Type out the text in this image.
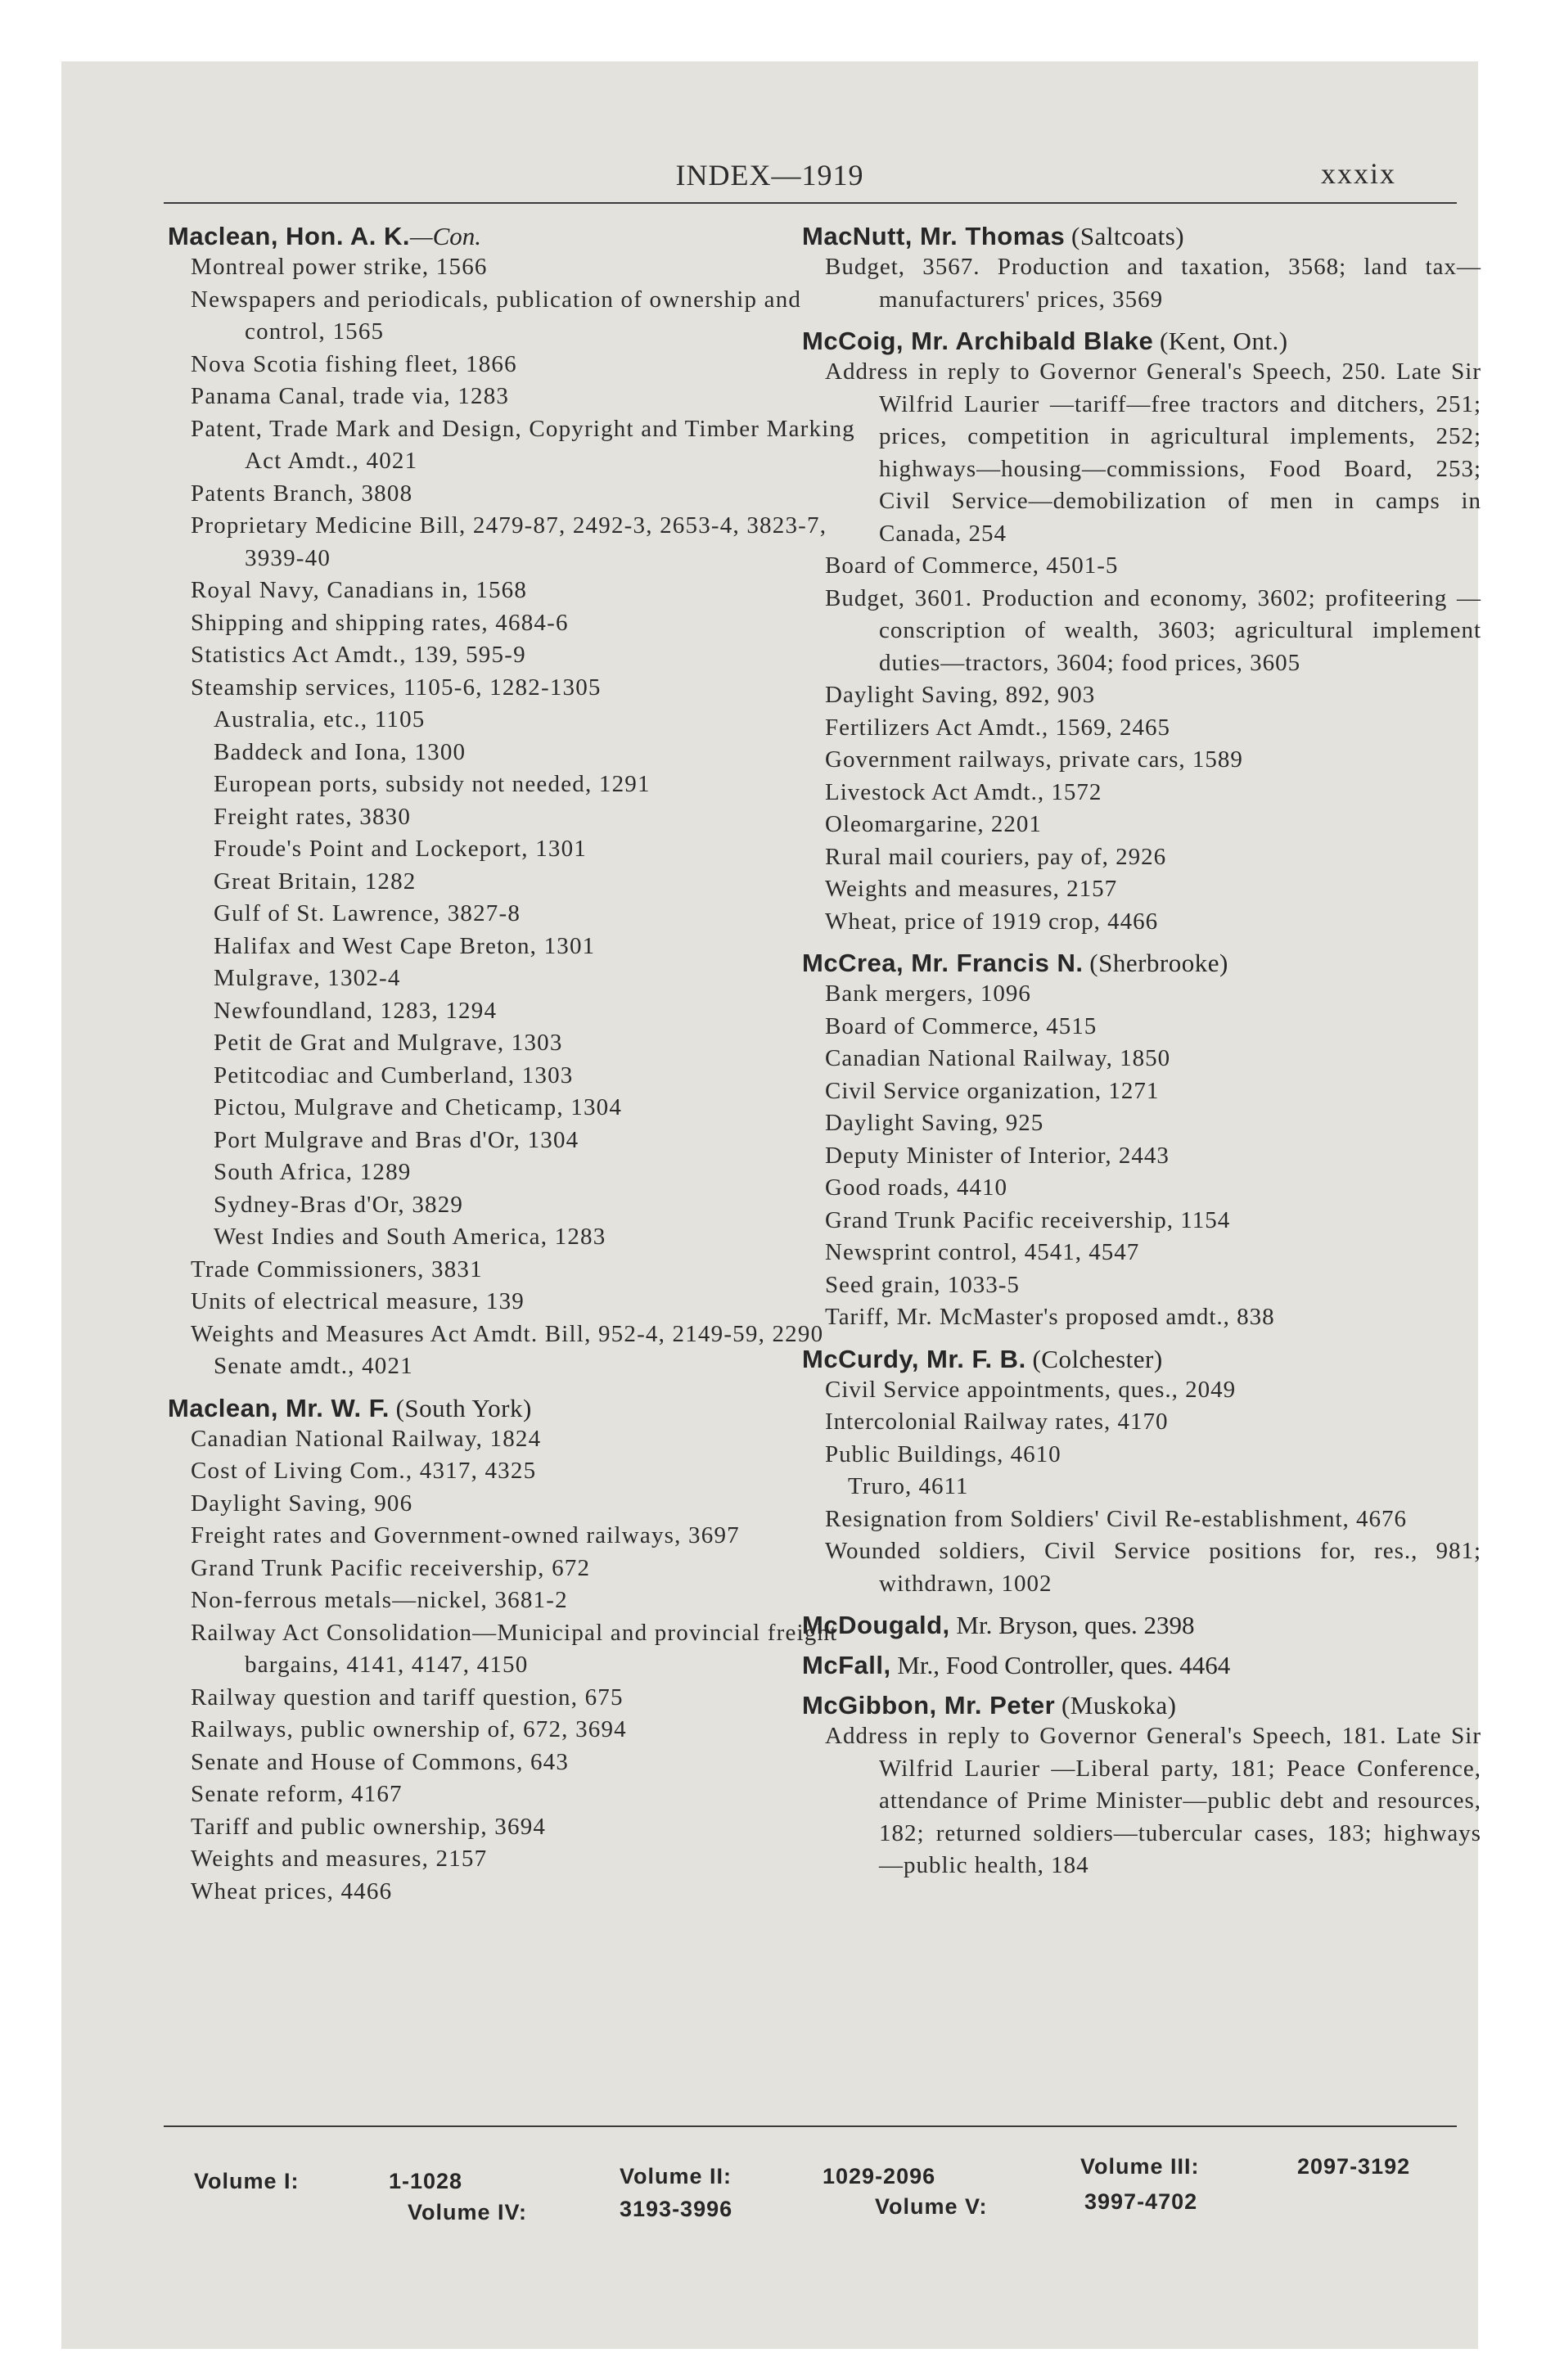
INDEX—1919	xxxix
Maclean, Hon. A. K.—Con.
Montreal power strike, 1566
Newspapers and periodicals, publication of ownership and control, 1565
Nova Scotia fishing fleet, 1866
Panama Canal, trade via, 1283
Patent, Trade Mark and Design, Copyright and Timber Marking Act Amdt., 4021
Patents Branch, 3808
Proprietary Medicine Bill, 2479-87, 2492-3, 2653-4, 3823-7, 3939-40
Royal Navy, Canadians in, 1568
Shipping and shipping rates, 4684-6
Statistics Act Amdt., 139, 595-9
Steamship services, 1105-6, 1282-1305
Australia, etc., 1105
Baddeck and Iona, 1300
European ports, subsidy not needed, 1291
Freight rates, 3830
Froude's Point and Lockeport, 1301
Great Britain, 1282
Gulf of St. Lawrence, 3827-8
Halifax and West Cape Breton, 1301
Mulgrave, 1302-4
Newfoundland, 1283, 1294
Petit de Grat and Mulgrave, 1303
Petitcodiac and Cumberland, 1303
Pictou, Mulgrave and Cheticamp, 1304
Port Mulgrave and Bras d'Or, 1304
South Africa, 1289
Sydney-Bras d'Or, 3829
West Indies and South America, 1283
Trade Commissioners, 3831
Units of electrical measure, 139
Weights and Measures Act Amdt. Bill, 952-4, 2149-59, 2290
Senate amdt., 4021
Maclean, Mr. W. F. (South York)
Canadian National Railway, 1824
Cost of Living Com., 4317, 4325
Daylight Saving, 906
Freight rates and Government-owned railways, 3697
Grand Trunk Pacific receivership, 672
Non-ferrous metals—nickel, 3681-2
Railway Act Consolidation—Municipal and provincial freight bargains, 4141, 4147, 4150
Railway question and tariff question, 675
Railways, public ownership of, 672, 3694
Senate and House of Commons, 643
Senate reform, 4167
Tariff and public ownership, 3694
Weights and measures, 2157
Wheat prices, 4466
MacNutt, Mr. Thomas (Saltcoats)
Budget, 3567. Production and taxation, 3568; land tax—manufacturers' prices, 3569
McCoig, Mr. Archibald Blake (Kent, Ont.)
Address in reply to Governor General's Speech, 250. Late Sir Wilfrid Laurier —tariff—free tractors and ditchers, 251; prices, competition in agricultural implements, 252; highways—housing—commissions, Food Board, 253; Civil Service—demobilization of men in camps in Canada, 254
Board of Commerce, 4501-5
Budget, 3601. Production and economy, 3602; profiteering — conscription of wealth, 3603; agricultural implement duties—tractors, 3604; food prices, 3605
Daylight Saving, 892, 903
Fertilizers Act Amdt., 1569, 2465
Government railways, private cars, 1589
Livestock Act Amdt., 1572
Oleomargarine, 2201
Rural mail couriers, pay of, 2926
Weights and measures, 2157
Wheat, price of 1919 crop, 4466
McCrea, Mr. Francis N. (Sherbrooke)
Bank mergers, 1096
Board of Commerce, 4515
Canadian National Railway, 1850
Civil Service organization, 1271
Daylight Saving, 925
Deputy Minister of Interior, 2443
Good roads, 4410
Grand Trunk Pacific receivership, 1154
Newsprint control, 4541, 4547
Seed grain, 1033-5
Tariff, Mr. McMaster's proposed amdt., 838
McCurdy, Mr. F. B. (Colchester)
Civil Service appointments, ques., 2049
Intercolonial Railway rates, 4170
Public Buildings, 4610
Truro, 4611
Resignation from Soldiers' Civil Re-establishment, 4676
Wounded soldiers, Civil Service positions for, res., 981; withdrawn, 1002
McDougald, Mr. Bryson, ques. 2398
McFall, Mr., Food Controller, ques. 4464
McGibbon, Mr. Peter (Muskoka)
Address in reply to Governor General's Speech, 181. Late Sir Wilfrid Laurier —Liberal party, 181; Peace Conference, attendance of Prime Minister—public debt and resources, 182; returned soldiers—tubercular cases, 183; highways—public health, 184
Volume I:	1-1028	Volume II:	1029-2096	Volume III:	2097-3192
Volume IV:	3193-3996	Volume V:	3997-4702
